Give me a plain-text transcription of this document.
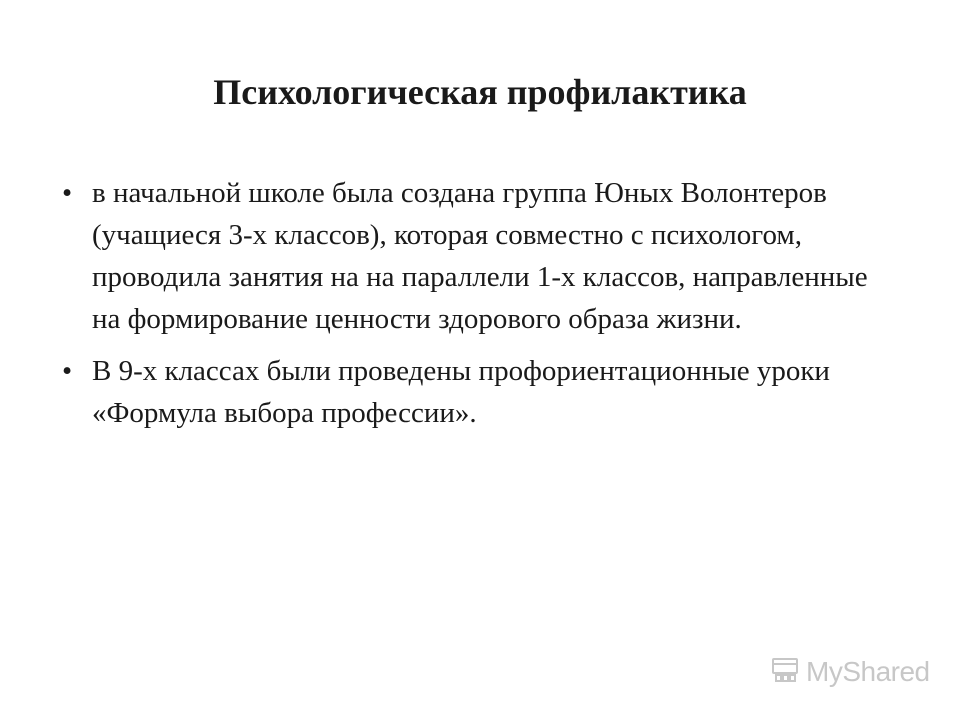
Психологическая профилактика
• в начальной школе была создана группа Юных Волонтеров (учащиеся 3-х классов), которая совместно с психологом, проводила занятия на на параллели 1-х классов, направленные на формирование ценности здорового образа жизни.
• В 9-х классах были проведены профориентационные уроки «Формула выбора профессии».
MyShared
